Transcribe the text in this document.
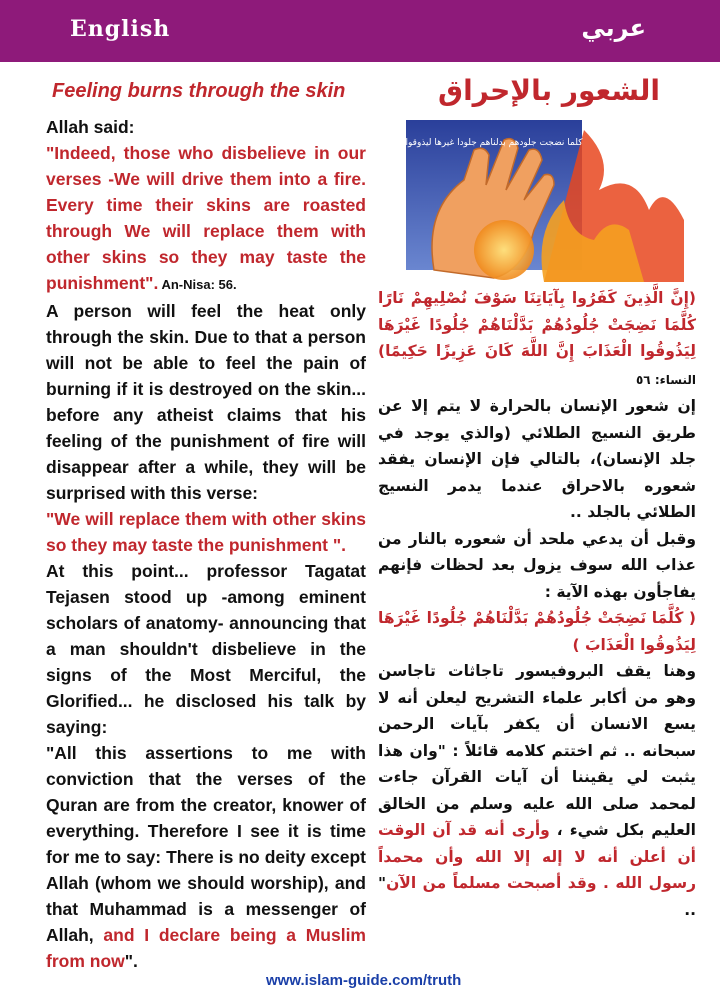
English	عربي
Feeling burns through the skin

Allah said:

"Indeed, those who disbelieve in our verses -We will drive them into a fire. Every time their skins are roasted through We will replace them with other skins so they may taste the punishment". An-Nisa: 56.

A person will feel the heat only through the skin. Due to that a person will not be able to feel the pain of burning if it is destroyed on the skin... before any atheist claims that his feeling of the punishment of fire will disappear after a while, they will be surprised with this verse:

"We will replace them with other skins so they may taste the punishment ".

At this point... professor Tagatat Tejasen stood up -among eminent scholars of anatomy- announcing that a man shouldn't disbelieve in the signs of the Most Merciful, the Glorified... he disclosed his talk by saying:

"All this assertions to me with conviction that the verses of the Quran are from the creator, knower of everything. Therefore I see it is time for me to say: There is no deity except Allah (whom we should worship), and that Muhammad is a messenger of Allah, and I declare being a Muslim from now".

الشعور بالإحراق
كلما نضجت جلودهم بدلناهم جلودا غيرها ليذوقوا

(إِنَّ الَّذِينَ كَفَرُوا بِآيَاتِنَا سَوْفَ نُصْلِيهِمْ نَارًا كُلَّمَا نَضِجَتْ جُلُودُهُمْ بَدَّلْنَاهُمْ جُلُودًا غَيْرَهَا لِيَذُوقُوا الْعَذَابَ إِنَّ اللَّهَ كَانَ عَزِيزًا حَكِيمًا) النساء: ٥٦

إن شعور الإنسان بالحرارة لا يتم إلا عن طريق النسيج الطلائي (والذي يوجد في جلد الإنسان)، بالتالي فإن الإنسان يفقد شعوره بالاحراق عندما يدمر النسيج الطلائي بالجلد ..

وقبل أن يدعي ملحد أن شعوره بالنار من عذاب الله سوف يزول بعد لحظات فإنهم يفاجأون بهذه الآية :

( كُلَّمَا نَضِجَتْ جُلُودُهُمْ بَدَّلْنَاهُمْ جُلُودًا غَيْرَهَا لِيَذُوقُوا الْعَذَابَ )

وهنا يقف البروفيسور تاجاثات تاجاسن وهو من أكابر علماء التشريح ليعلن أنه لا يسع الانسان أن يكفر بآيات الرحمن سبحانه .. ثم اختتم كلامه قائلاً : "وان هذا يثبت لي يقيننا أن آيات القرآن جاءت لمحمد صلى الله عليه وسلم من الخالق العليم بكل شيء ، وأرى أنه قد آن الوقت أن أعلن أنه لا إله إلا الله وأن محمداً رسول الله . وقد أصبحت مسلماً من الآن" ..

www.islam-guide.com/truth
